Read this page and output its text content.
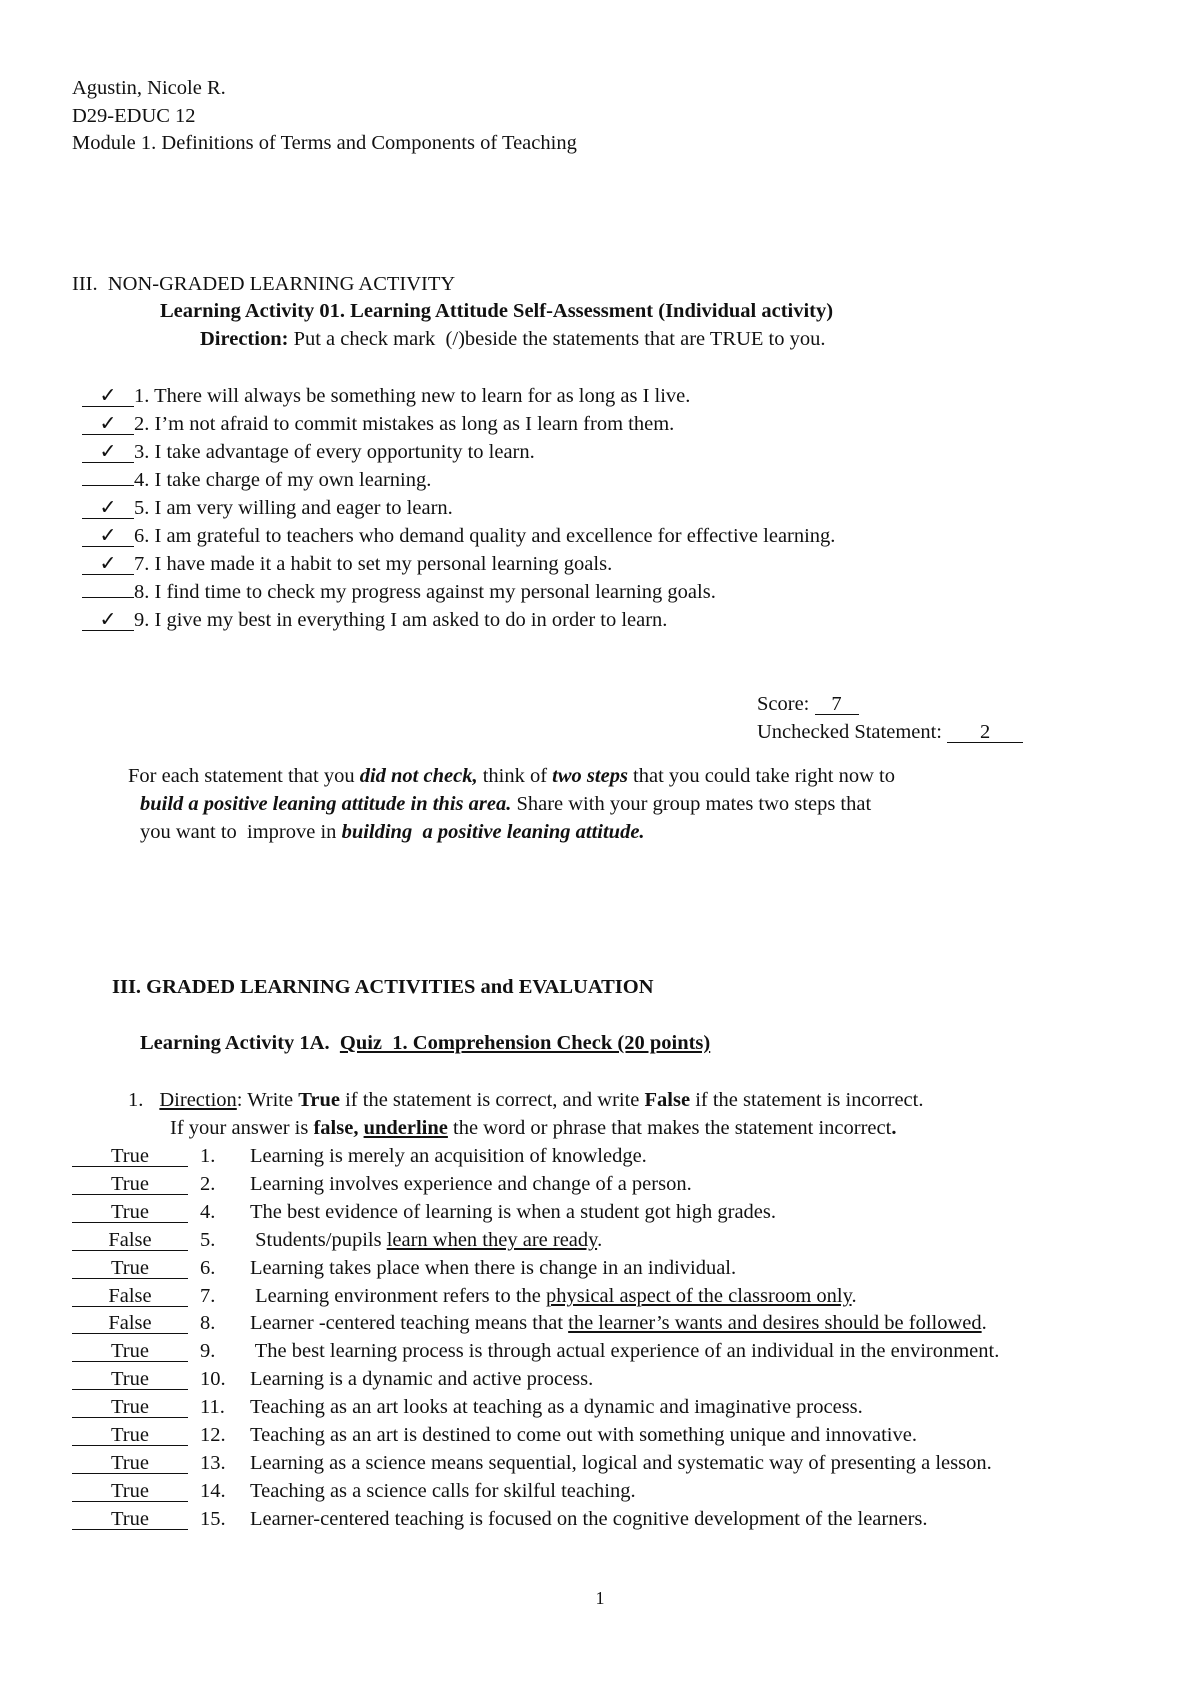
Agustin, Nicole R.
D29-EDUC 12
Module 1. Definitions of Terms and Components of Teaching
III.  NON-GRADED LEARNING ACTIVITY
Learning Activity 01. Learning Attitude Self-Assessment (Individual activity)
Direction: Put a check mark  (/)beside the statements that are TRUE to you.
✓ 1. There will always be something new to learn for as long as I live.
✓ 2. I’m not afraid to commit mistakes as long as I learn from them.
✓ 3. I take advantage of every opportunity to learn.
4. I take charge of my own learning.
✓ 5. I am very willing and eager to learn.
✓ 6. I am grateful to teachers who demand quality and excellence for effective learning.
✓ 7. I have made it a habit to set my personal learning goals.
8. I find time to check my progress against my personal learning goals.
✓ 9. I give my best in everything I am asked to do in order to learn.
Score: 7
Unchecked Statement: 2
For each statement that you did not check, think of two steps that you could take right now to
build a positive leaning attitude in this area. Share with your group mates two steps that
you want to  improve in building  a positive leaning attitude.
III. GRADED LEARNING ACTIVITIES and EVALUATION
Learning Activity 1A.  Quiz  1. Comprehension Check (20 points)
1. Direction: Write True if the statement is correct, and write False if the statement is incorrect.
If your answer is false, underline the word or phrase that makes the statement incorrect.
True 1. Learning is merely an acquisition of knowledge.
True 2. Learning involves experience and change of a person.
True 4. The best evidence of learning is when a student got high grades.
False 5. Students/pupils learn when they are ready.
True 6. Learning takes place when there is change in an individual.
False 7. Learning environment refers to the physical aspect of the classroom only.
False 8. Learner -centered teaching means that the learner’s wants and desires should be followed.
True 9. The best learning process is through actual experience of an individual in the environment.
True 10. Learning is a dynamic and active process.
True 11. Teaching as an art looks at teaching as a dynamic and imaginative process.
True 12. Teaching as an art is destined to come out with something unique and innovative.
True 13. Learning as a science means sequential, logical and systematic way of presenting a lesson.
True 14. Teaching as a science calls for skilful teaching.
True 15. Learner-centered teaching is focused on the cognitive development of the learners.
1
